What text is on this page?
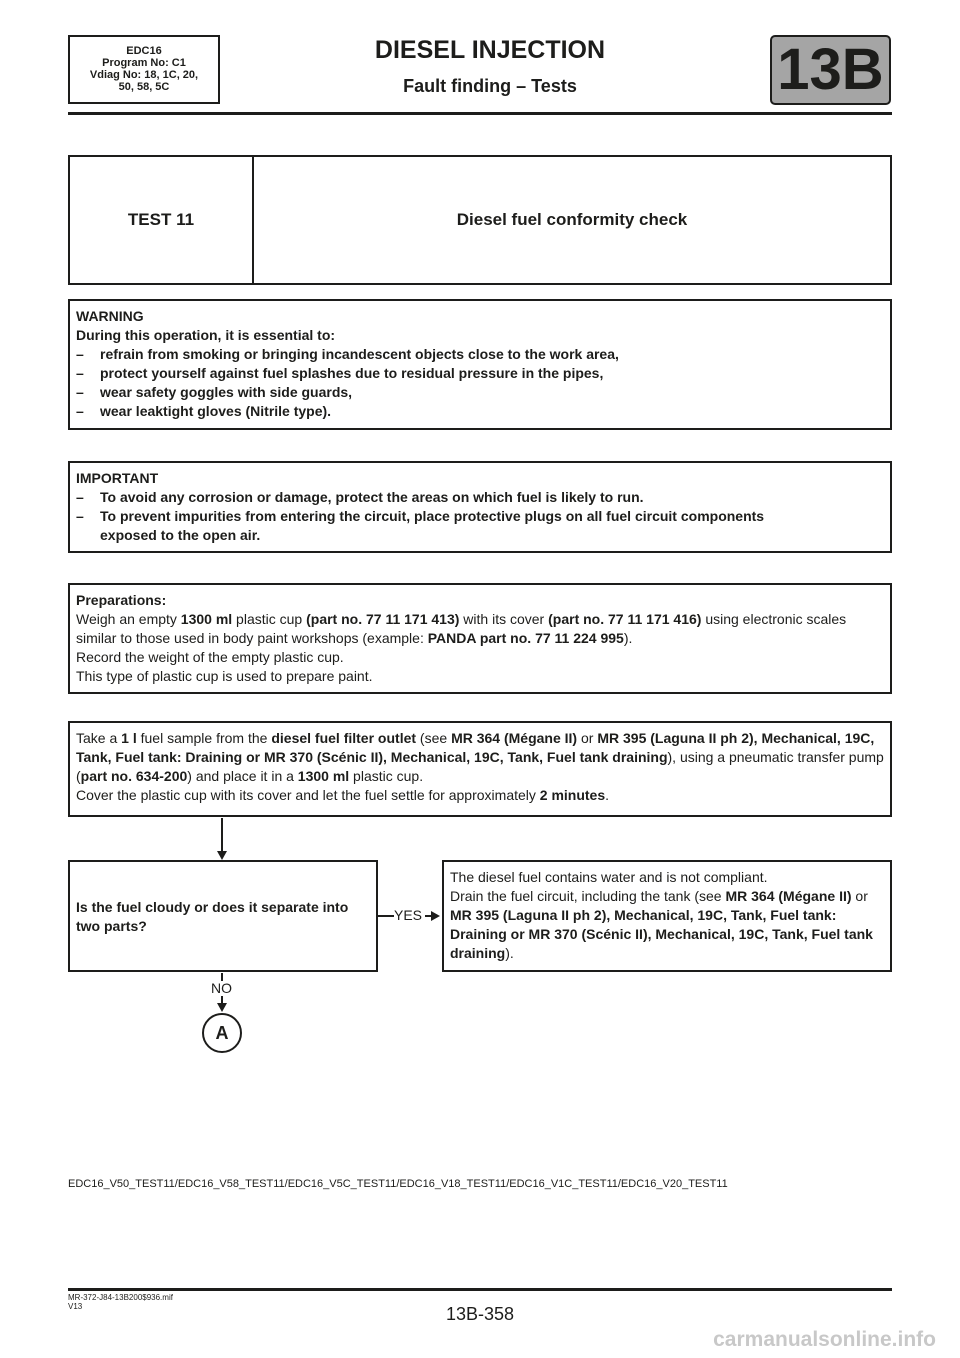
EDC16
Program No: C1
Vdiag No: 18, 1C, 20,
50, 58, 5C
DIESEL INJECTION
Fault finding – Tests	13B
TEST 11	Diesel fuel conformity check
WARNING
During this operation, it is essential to:
– refrain from smoking or bringing incandescent objects close to the work area,
– protect yourself against fuel splashes due to residual pressure in the pipes,
– wear safety goggles with side guards,
– wear leaktight gloves (Nitrile type).
IMPORTANT
– To avoid any corrosion or damage, protect the areas on which fuel is likely to run.
– To prevent impurities from entering the circuit, place protective plugs on all fuel circuit components exposed to the open air.
Preparations:
Weigh an empty 1300 ml plastic cup (part no. 77 11 171 413) with its cover (part no. 77 11 171 416) using electronic scales similar to those used in body paint workshops (example: PANDA part no. 77 11 224 995).
Record the weight of the empty plastic cup.
This type of plastic cup is used to prepare paint.
Take a 1 l fuel sample from the diesel fuel filter outlet (see MR 364 (Mégane II) or MR 395 (Laguna II ph 2), Mechanical, 19C, Tank, Fuel tank: Draining or MR 370 (Scénic II), Mechanical, 19C, Tank, Fuel tank draining), using a pneumatic transfer pump (part no. 634-200) and place it in a 1300 ml plastic cup.
Cover the plastic cup with its cover and let the fuel settle for approximately 2 minutes.
Is the fuel cloudy or does it separate into two parts?
YES
The diesel fuel contains water and is not compliant.
Drain the fuel circuit, including the tank (see MR 364 (Mégane II) or MR 395 (Laguna II ph 2), Mechanical, 19C, Tank, Fuel tank: Draining or MR 370 (Scénic II), Mechanical, 19C, Tank, Fuel tank draining).
NO
A
EDC16_V50_TEST11/EDC16_V58_TEST11/EDC16_V5C_TEST11/EDC16_V18_TEST11/EDC16_V1C_TEST11/EDC16_V20_TEST11
MR-372-J84-13B200$936.mif
V13	13B-358
carmanualsonline.info
